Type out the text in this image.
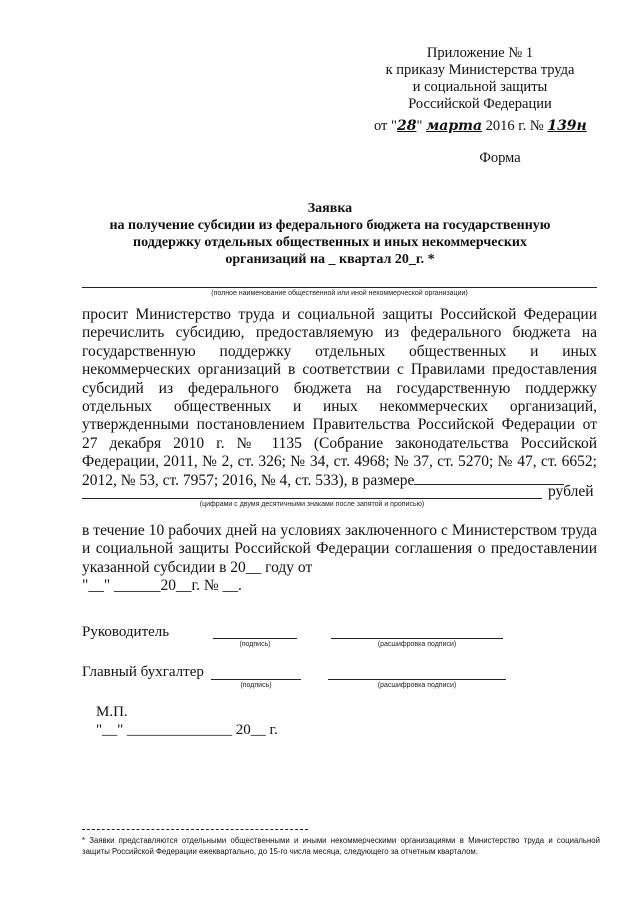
Приложение № 1
к приказу Министерства труда
и социальной защиты
Российской Федерации
от "28" марта 2016 г. № 139н
Форма
Заявка
на получение субсидии из федерального бюджета на государственную
поддержку отдельных общественных и иных некоммерческих
организаций на _ квартал 20_г. *
(полное наименование общественной или иной некоммерческой организации)
просит Министерство труда и социальной защиты Российской Федерации перечислить субсидию, предоставляемую из федерального бюджета на государственную поддержку отдельных общественных и иных некоммерческих организаций в соответствии с Правилами предоставления субсидий из федерального бюджета на государственную поддержку отдельных общественных и иных некоммерческих организаций, утвержденными постановлением Правительства Российской Федерации от 27 декабря 2010 г. № 1135 (Собрание законодательства Российской Федерации, 2011, № 2, ст. 326; № 34, ст. 4968; № 37, ст. 5270; № 47, ст. 6652; 2012, № 53, ст. 7957; 2016, № 4, ст. 533), в размере
рублей
(цифрами с двумя десятичными знаками после запятой и прописью)
в течение 10 рабочих дней на условиях заключенного с Министерством труда и социальной защиты Российской Федерации соглашения о предоставлении указанной субсидии в 20__ году от
"__" ______20__г. № __.
Руководитель
(подпись)	(расшифровка подписи)
Главный бухгалтер
(подпись)	(расшифровка подписи)
М.П.
"__" ______________ 20__ г.
* Заявки представляются отдельными общественными и иными некоммерческими организациями в Министерство труда и социальной защиты Российской Федерации ежеквартально, до 15-го числа месяца, следующего за отчетным кварталом.
